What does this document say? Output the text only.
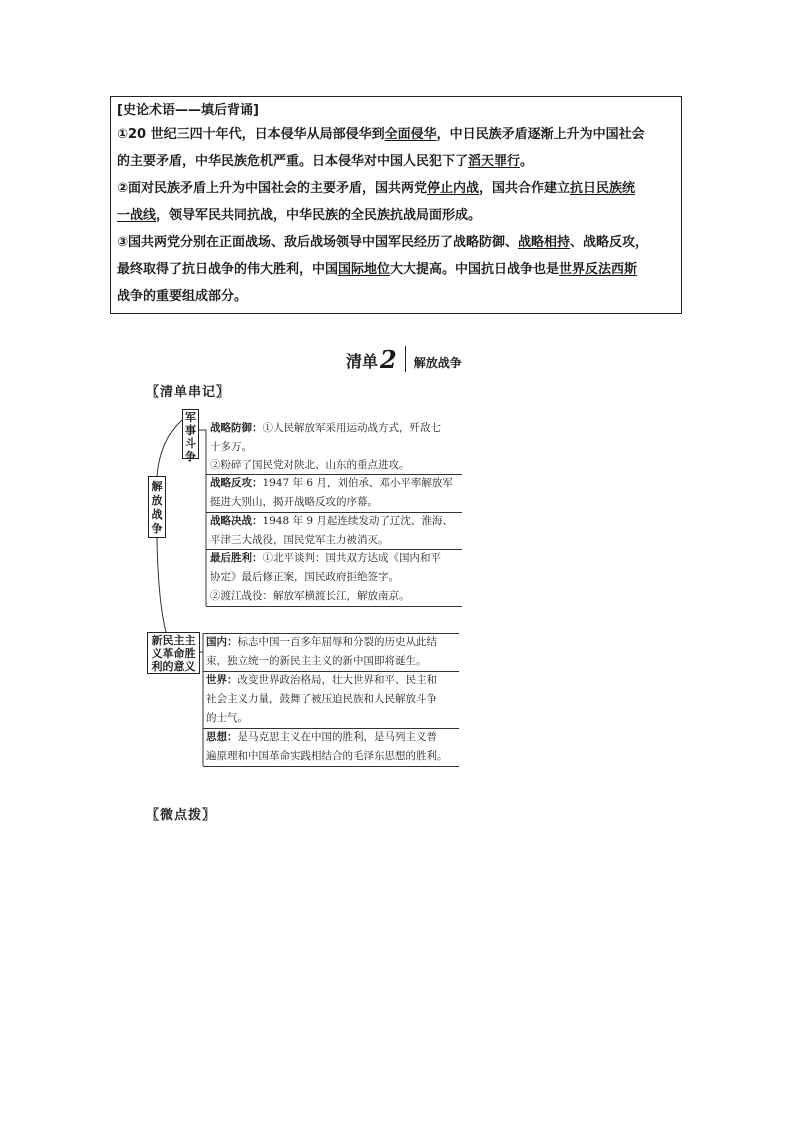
[史论术语——填后背诵]

①20 世纪三四十年代，日本侵华从局部侵华到全面侵华，中日民族矛盾逐渐上升为中国社会
的主要矛盾，中华民族危机严重。日本侵华对中国人民犯下了滔天罪行。

②面对民族矛盾上升为中国社会的主要矛盾，国共两党停止内战，国共合作建立抗日民族统
一战线，领导军民共同抗战，中华民族的全民族抗战局面形成。

③国共两党分别在正面战场、敌后战场领导中国军民经历了战略防御、战略相持、战略反攻，
最终取得了抗日战争的伟大胜利，中国国际地位大大提高。中国抗日战争也是世界反法西斯
战争的重要组成部分。

清单 2 解放战争
〖清单串记〗
〖微点拨〗
军事斗争
解放战争
新民主主义革命胜利的意义
战略防御：①人民解放军采用运动战方式，歼敌七
十多万。
②粉碎了国民党对陕北、山东的重点进攻。
战略反攻：1947 年 6 月，刘伯承、邓小平率解放军
挺进大别山，揭开战略反攻的序幕。
战略决战：1948 年 9 月起连续发动了辽沈、淮海、
平津三大战役，国民党军主力被消灭。
最后胜利：①北平谈判：国共双方达成《国内和平
协定》最后修正案，国民政府拒绝签字。
②渡江战役：解放军横渡长江，解放南京。
国内：标志中国一百多年屈辱和分裂的历史从此结
束，独立统一的新民主主义的新中国即将诞生。
世界：改变世界政治格局，壮大世界和平、民主和
社会主义力量，鼓舞了被压迫民族和人民解放斗争
的士气。
思想：是马克思主义在中国的胜利，是马列主义普
遍原理和中国革命实践相结合的毛泽东思想的胜利。
